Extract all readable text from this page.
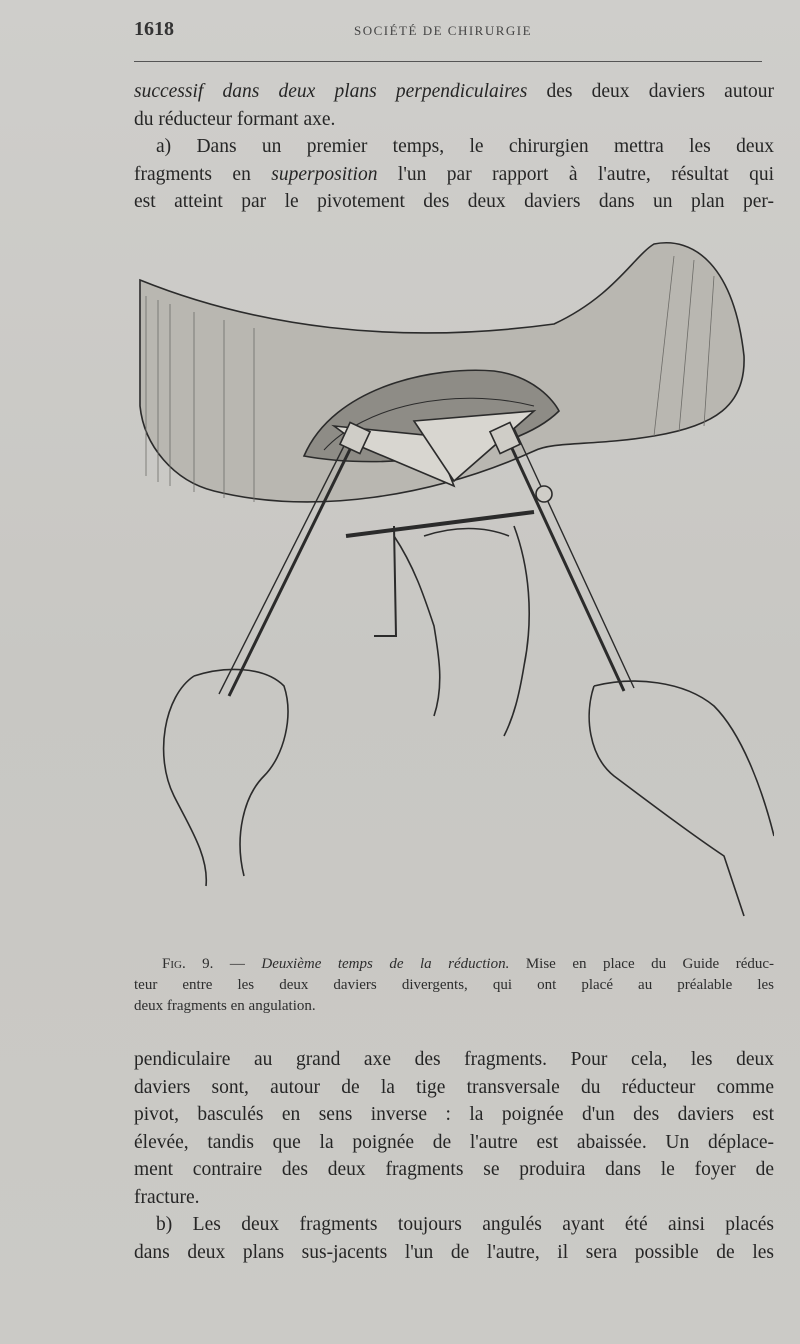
1618	SOCIÉTÉ DE CHIRURGIE
successif dans deux plans perpendiculaires des deux daviers autour
du réducteur formant axe.
a) Dans un premier temps, le chirurgien mettra les deux
fragments en superposition l'un par rapport à l'autre, résultat qui
est atteint par le pivotement des deux daviers dans un plan per-
Fig. 9. — Deuxième temps de la réduction. Mise en place du Guide réduc-
teur entre les deux daviers divergents, qui ont placé au préalable les
deux fragments en angulation.
pendiculaire au grand axe des fragments. Pour cela, les deux
daviers sont, autour de la tige transversale du réducteur comme
pivot, basculés en sens inverse : la poignée d'un des daviers est
élevée, tandis que la poignée de l'autre est abaissée. Un déplace-
ment contraire des deux fragments se produira dans le foyer de
fracture.
b) Les deux fragments toujours angulés ayant été ainsi placés
dans deux plans sus-jacents l'un de l'autre, il sera possible de les
